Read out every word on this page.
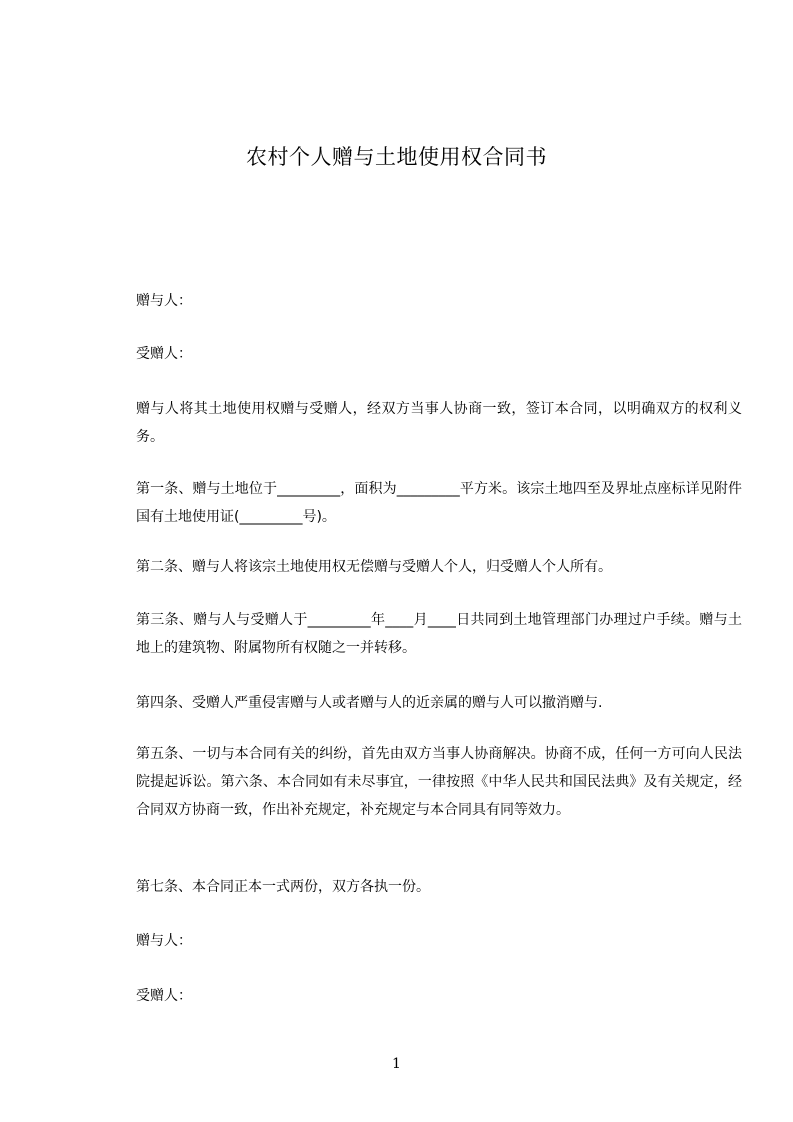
农村个人赠与土地使用权合同书
赠与人：
受赠人：
赠与人将其土地使用权赠与受赠人，经双方当事人协商一致，签订本合同，以明确双方的权利义务。
第一条、赠与土地位于_________，面积为_________平方米。该宗土地四至及界址点座标详见附件国有土地使用证(_________号)。
第二条、赠与人将该宗土地使用权无偿赠与受赠人个人，归受赠人个人所有。
第三条、赠与人与受赠人于_________年____月____日共同到土地管理部门办理过户手续。赠与土地上的建筑物、附属物所有权随之一并转移。
第四条、受赠人严重侵害赠与人或者赠与人的近亲属的赠与人可以撤消赠与.
第五条、一切与本合同有关的纠纷，首先由双方当事人协商解决。协商不成，任何一方可向人民法院提起诉讼。第六条、本合同如有未尽事宜，一律按照《中华人民共和国民法典》及有关规定，经合同双方协商一致，作出补充规定，补充规定与本合同具有同等效力。
第七条、本合同正本一式两份，双方各执一份。
赠与人：
受赠人：
1
